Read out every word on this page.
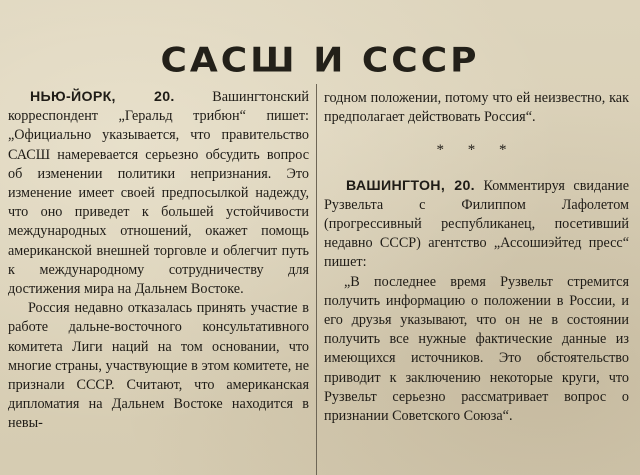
САСШ И СССР

НЬЮ-ЙОРК, 20.	Вашингтонский корреспондент „Геральд трибюн“ пишет: „Официально указывается, что правительство САСШ намеревается серьезно обсудить вопрос об изменении политики непризнания. Это изменение имеет своей предпосылкой надежду, что оно приведет к большей устойчивости международных отношений, окажет помощь американской внешней торговле и облегчит путь к международному сотрудничеству для достижения мира на Дальнем Востоке.

Россия недавно отказалась принять участие в работе дальне-восточного консультативного комитета Лиги наций на том основании, что многие страны, участвующие в этом комитете, не признали СССР. Считают, что американская дипломатия на Дальнем Востоке находится в невы-

годном положении, потому что ей неизвестно, как предполагает действовать Россия“.

* * *

ВАШИНГТОН, 20. Комментируя свидание Рузвельта с Филиппом Лафолетом (прогрессивный республиканец, посетивший недавно СССР) агентство „Ассошиэйтед пресс“ пишет:

„В последнее время Рузвельт стремится получить информацию о положении в России, и его друзья указывают, что он не в состоянии получить все нужные фактические данные из имеющихся источников. Это обстоятельство приводит к заключению некоторые круги, что Рузвельт серьезно рассматривает вопрос о признании Советского Союза“.
